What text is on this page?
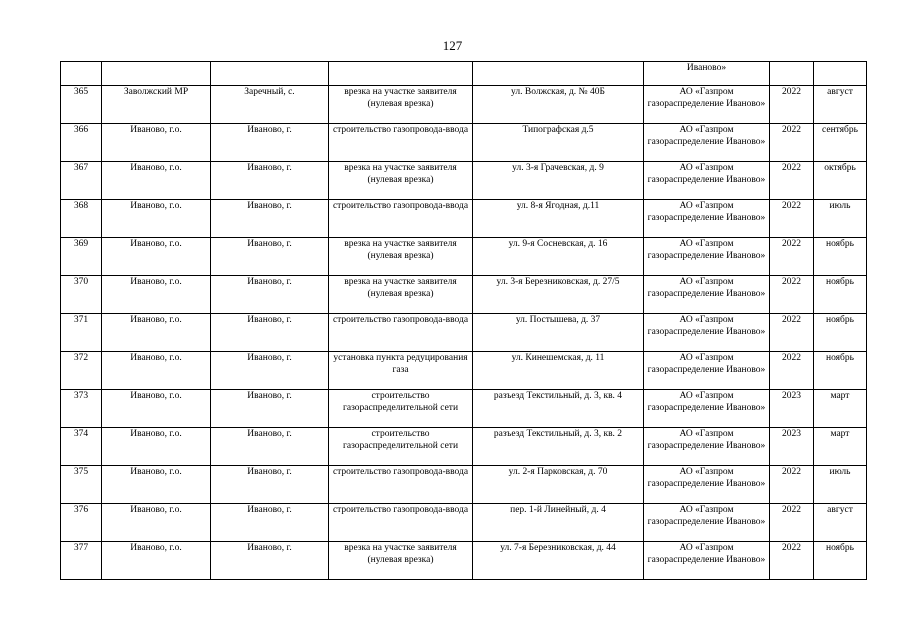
127
					Иваново»		
365	Заволжский МР	Заречный, с.	врезка на участке заявителя (нулевая врезка)	ул. Волжская, д. № 40Б	АО «Газпром газораспределение Иваново»	2022	август
366	Иваново, г.о.	Иваново, г.	строительство газопровода-ввода	Типографская д.5	АО «Газпром газораспределение Иваново»	2022	сентябрь
367	Иваново, г.о.	Иваново, г.	врезка на участке заявителя (нулевая врезка)	ул. 3-я Грачевская, д. 9	АО «Газпром газораспределение Иваново»	2022	октябрь
368	Иваново, г.о.	Иваново, г.	строительство газопровода-ввода	ул. 8-я Ягодная, д.11	АО «Газпром газораспределение Иваново»	2022	июль
369	Иваново, г.о.	Иваново, г.	врезка на участке заявителя (нулевая врезка)	ул. 9-я Сосневская, д. 16	АО «Газпром газораспределение Иваново»	2022	ноябрь
370	Иваново, г.о.	Иваново, г.	врезка на участке заявителя (нулевая врезка)	ул. 3-я Березниковская, д. 27/5	АО «Газпром газораспределение Иваново»	2022	ноябрь
371	Иваново, г.о.	Иваново, г.	строительство газопровода-ввода	ул. Постышева, д. 37	АО «Газпром газораспределение Иваново»	2022	ноябрь
372	Иваново, г.о.	Иваново, г.	установка пункта редуцирования газа	ул. Кинешемская, д. 11	АО «Газпром газораспределение Иваново»	2022	ноябрь
373	Иваново, г.о.	Иваново, г.	строительство газораспределительной сети	разъезд Текстильный, д. 3, кв. 4	АО «Газпром газораспределение Иваново»	2023	март
374	Иваново, г.о.	Иваново, г.	строительство газораспределительной сети	разъезд Текстильный, д. 3, кв. 2	АО «Газпром газораспределение Иваново»	2023	март
375	Иваново, г.о.	Иваново, г.	строительство газопровода-ввода	ул. 2-я Парковская, д. 70	АО «Газпром газораспределение Иваново»	2022	июль
376	Иваново, г.о.	Иваново, г.	строительство газопровода-ввода	пер. 1-й Линейный, д. 4	АО «Газпром газораспределение Иваново»	2022	август
377	Иваново, г.о.	Иваново, г.	врезка на участке заявителя (нулевая врезка)	ул. 7-я Березниковская, д. 44	АО «Газпром газораспределение Иваново»	2022	ноябрь
